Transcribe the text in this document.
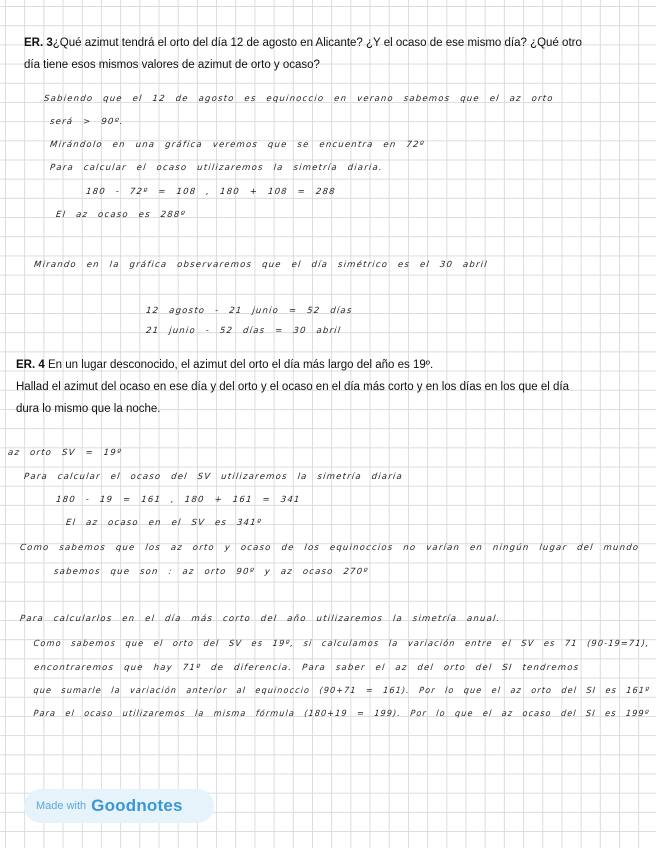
ER. 3¿Qué azimut tendrá el orto del día 12 de agosto en Alicante? ¿Y el ocaso de ese mismo día? ¿Qué otro
día tiene esos mismos valores de azimut de orto y ocaso?
Sabiendo que el 12 de agosto es equinoccio en verano sabemos que el az orto
será > 90º.
Mirándolo en una gráfica veremos que se encuentra en 72º
Para calcular el ocaso utilizaremos la simetría diaria.
180 - 72º = 108 , 180 + 108 = 288
El az ocaso es 288º
Mirando en la gráfica observaremos que el día simétrico es el 30 abril
12 agosto - 21 junio = 52 días
21 junio - 52 días = 30 abril
ER. 4 En un lugar desconocido, el azimut del orto el día más largo del año es 19º.
Hallad el azimut del ocaso en ese día y del orto y el ocaso en el día más corto y en los días en los que el día
dura lo mismo que la noche.
az orto SV = 19º
Para calcular el ocaso del SV utilizaremos la simetría diaria
180 - 19 = 161 , 180 + 161 = 341
El az ocaso en el SV es 341º
Como sabemos que los az orto y ocaso de los equinoccios no varían en ningún lugar del mundo
sabemos que son : az orto 90º y az ocaso 270º
Para calcularlos en el día más corto del año utilizaremos la simetría anual.
Como sabemos que el orto del SV es 19º, si calculamos la variación entre el SV es 71 (90-19=71),
encontraremos que hay 71º de diferencia. Para saber el az del orto del SI tendremos
que sumarle la variación anterior al equinoccio (90+71 = 161). Por lo que el az orto del SI es 161º
Para el ocaso utilizaremos la misma fórmula (180+19 = 199). Por lo que el az ocaso del SI es 199º
Made with Goodnotes
